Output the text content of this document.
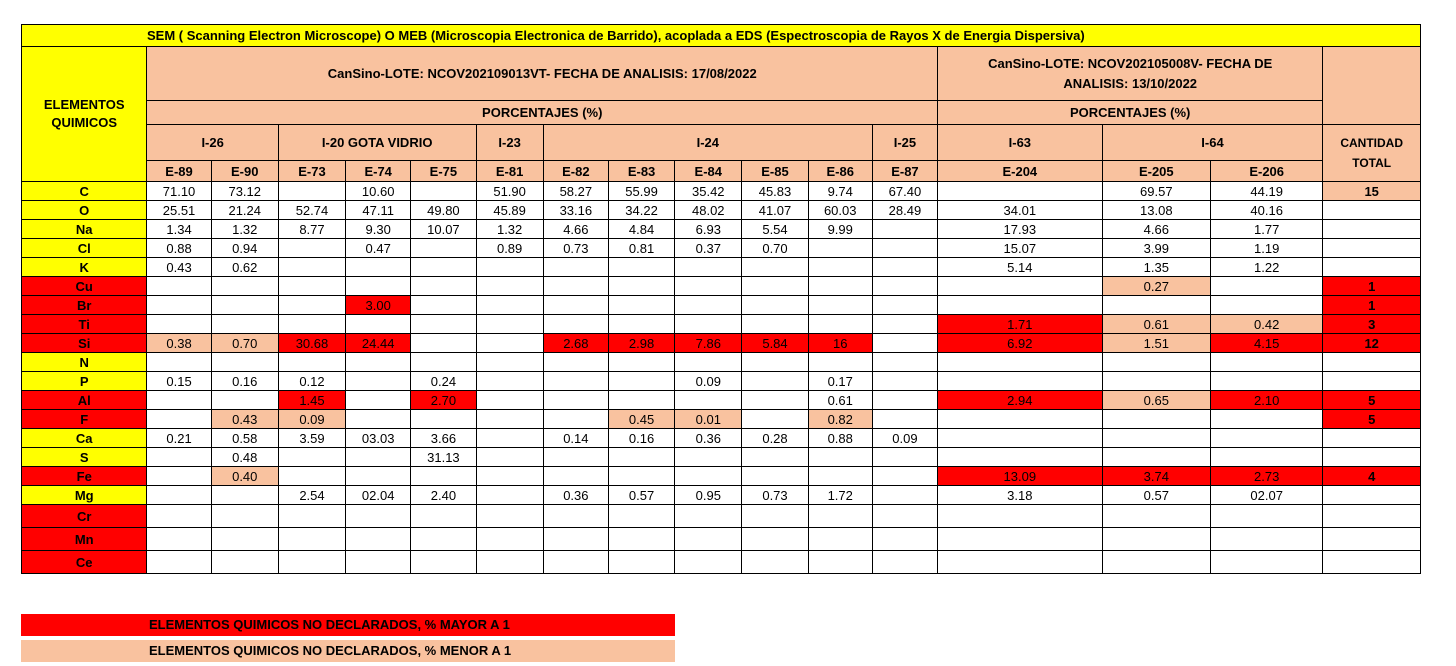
SEM ( Scanning Electron Microscope) O MEB (Microscopia Electronica de Barrido), acoplada a EDS (Espectroscopia de Rayos X de Energia Dispersiva)																
ELEMENTOS
QUIMICOS	CanSino-LOTE: NCOV202109013VT- FECHA DE ANALISIS: 17/08/2022												CanSino-LOTE: NCOV202105008V- FECHA DE
ANALISIS: 13/10/2022			
	PORCENTAJES (%)												PORCENTAJES (%)			
	I-26		I-20 GOTA VIDRIO			I-23	I-24					I-25	I-63	I-64		CANTIDAD
TOTAL
	E-89	E-90	E-73	E-74	E-75	E-81	E-82	E-83	E-84	E-85	E-86	E-87	E-204	E-205	E-206	
C	71.10	73.12		10.60		51.90	58.27	55.99	35.42	45.83	9.74	67.40		69.57	44.19	15
O	25.51	21.24	52.74	47.11	49.80	45.89	33.16	34.22	48.02	41.07	60.03	28.49	34.01	13.08	40.16	
Na	1.34	1.32	8.77	9.30	10.07	1.32	4.66	4.84	6.93	5.54	9.99		17.93	4.66	1.77	
Cl	0.88	0.94		0.47		0.89	0.73	0.81	0.37	0.70			15.07	3.99	1.19	
K	0.43	0.62											5.14	1.35	1.22	
Cu														0.27		1
Br				3.00												1
Ti													1.71	0.61	0.42	3
Si	0.38	0.70	30.68	24.44			2.68	2.98	7.86	5.84	16		6.92	1.51	4.15	12
N																
P	0.15	0.16	0.12		0.24				0.09		0.17					
Al			1.45		2.70						0.61		2.94	0.65	2.10	5
F		0.43	0.09					0.45	0.01		0.82					5
Ca	0.21	0.58	3.59	03.03	3.66		0.14	0.16	0.36	0.28	0.88	0.09				
S		0.48			31.13											
Fe		0.40											13.09	3.74	2.73	4
Mg			2.54	02.04	2.40		0.36	0.57	0.95	0.73	1.72		3.18	0.57	02.07	
Cr																
Mn																
Ce																
ELEMENTOS QUIMICOS NO DECLARADOS, % MAYOR A 1
ELEMENTOS QUIMICOS NO DECLARADOS, % MENOR A 1
